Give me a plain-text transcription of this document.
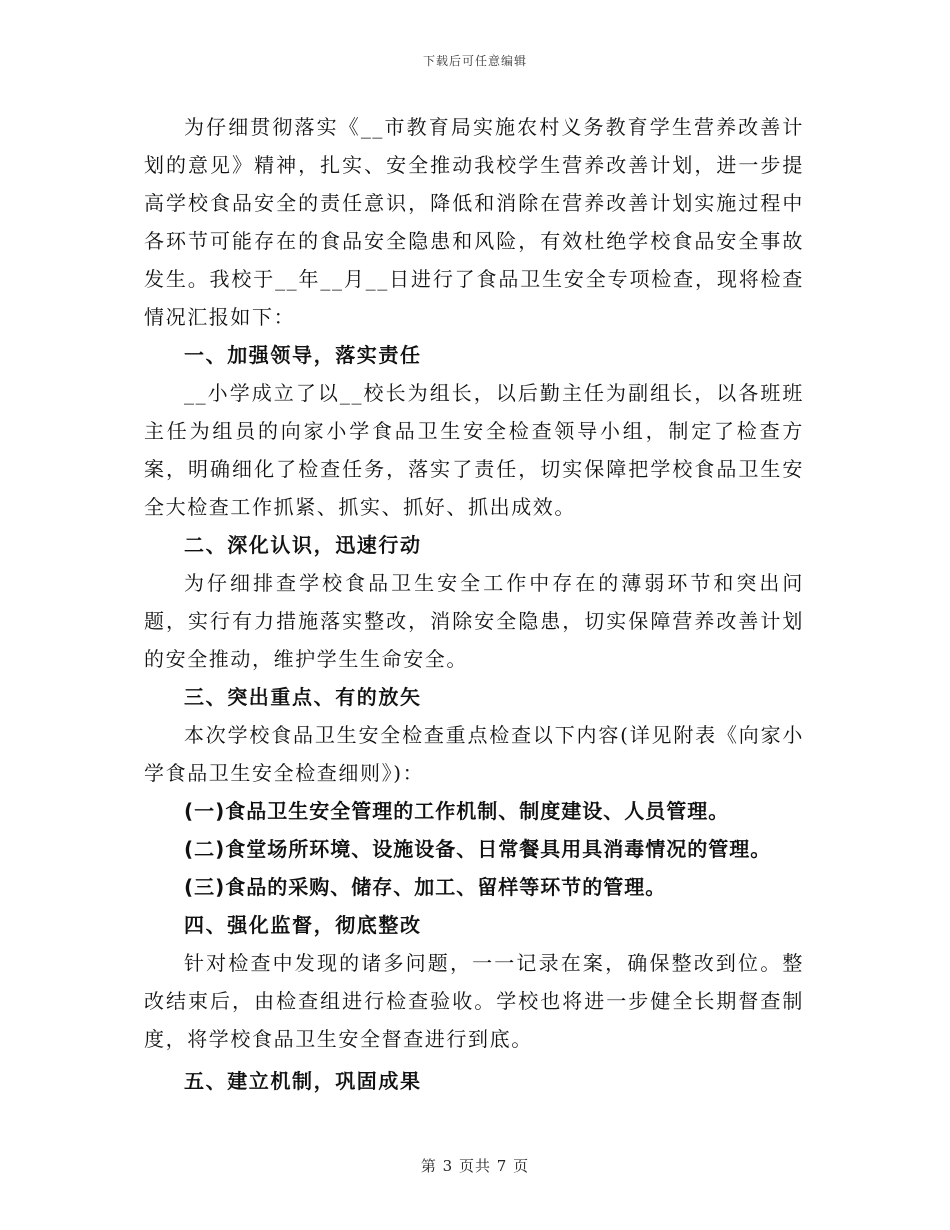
下载后可任意编辑

为仔细贯彻落实《__市教育局实施农村义务教育学生营养改善计划的意见》精神，扎实、安全推动我校学生营养改善计划，进一步提高学校食品安全的责任意识，降低和消除在营养改善计划实施过程中各环节可能存在的食品安全隐患和风险，有效杜绝学校食品安全事故发生。我校于__年__月__日进行了食品卫生安全专项检查，现将检查情况汇报如下：

一、加强领导，落实责任

__小学成立了以__校长为组长，以后勤主任为副组长，以各班班主任为组员的向家小学食品卫生安全检查领导小组，制定了检查方案，明确细化了检查任务，落实了责任，切实保障把学校食品卫生安全大检查工作抓紧、抓实、抓好、抓出成效。

二、深化认识，迅速行动

为仔细排查学校食品卫生安全工作中存在的薄弱环节和突出问题，实行有力措施落实整改，消除安全隐患，切实保障营养改善计划的安全推动，维护学生生命安全。

三、突出重点、有的放矢

本次学校食品卫生安全检查重点检查以下内容(详见附表《向家小学食品卫生安全检查细则》)：

(一)食品卫生安全管理的工作机制、制度建设、人员管理。

(二)食堂场所环境、设施设备、日常餐具用具消毒情况的管理。

(三)食品的采购、储存、加工、留样等环节的管理。

四、强化监督，彻底整改

针对检查中发现的诸多问题，一一记录在案，确保整改到位。整改结束后，由检查组进行检查验收。学校也将进一步健全长期督查制度，将学校食品卫生安全督查进行到底。

五、建立机制，巩固成果

第 3 页共 7 页
